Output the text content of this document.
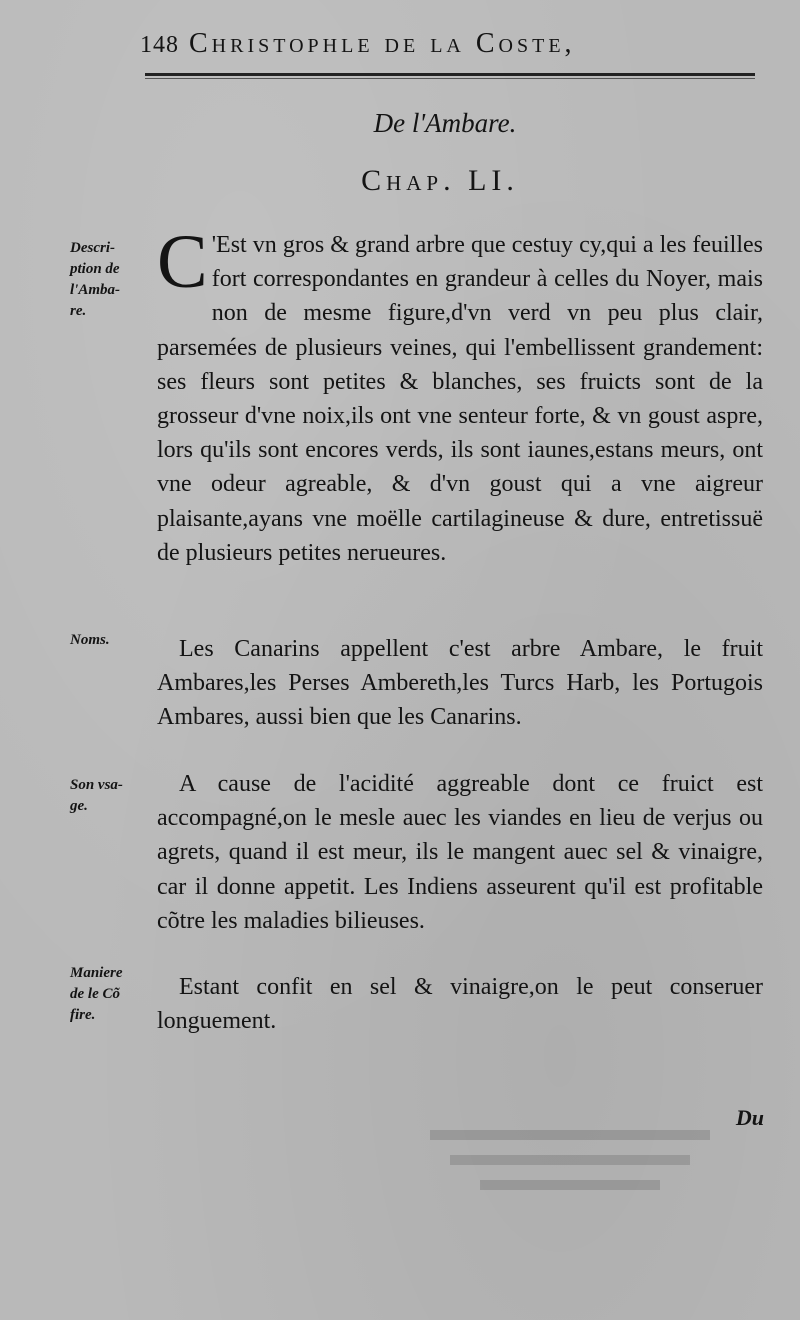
148 Christophle de la Coste,
De l'Ambare.
Chap. LI.
Descri-
ption de
l'Amba-
re.
Noms.
Son vsa-
ge.
Maniere
de le Cõ
fire.

C 'Est vn gros & grand arbre que cestuy cy,qui a les feuilles fort correspondantes en grandeur à celles du Noyer, mais non de mesme figure,d'vn verd vn peu plus clair, parsemées de plusieurs veines, qui l'embellissent grandement: ses fleurs sont petites & blanches, ses fruicts sont de la grosseur d'vne noix,ils ont vne senteur forte, & vn goust aspre, lors qu'ils sont encores verds, ils sont iaunes,estans meurs, ont vne odeur agreable, & d'vn goust qui a vne aigreur plaisante,ayans vne moëlle cartilagineuse & dure, entretissuë de plusieurs petites nerueures.

Les Canarins appellent c'est arbre Ambare, le fruit Ambares,les Perses Ambereth,les Turcs Harb, les Portugois Ambares, aussi bien que les Canarins.

A cause de l'acidité aggreable dont ce fruict est accompagné,on le mesle auec les viandes en lieu de verjus ou agrets, quand il est meur, ils le mangent auec sel & vinaigre, car il donne appetit. Les Indiens asseurent qu'il est profitable cõtre les maladies bilieuses.

Estant confit en sel & vinaigre,on le peut conseruer longuement.

Du
